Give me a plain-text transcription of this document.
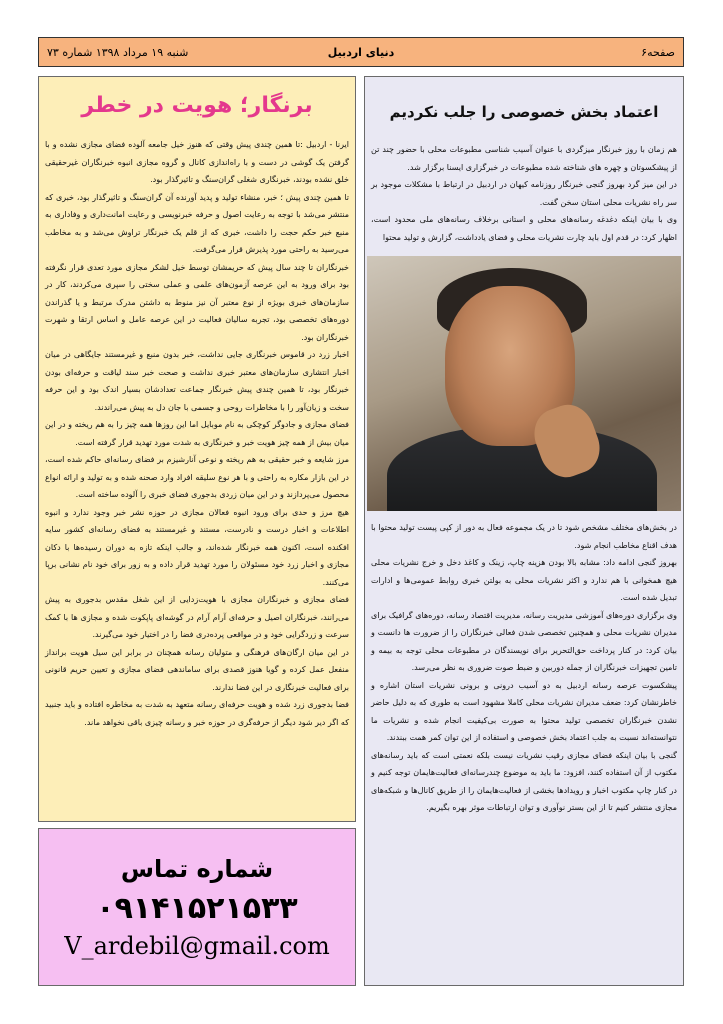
صفحه۶
دنیای اردبیل
شنبه ۱۹ مرداد ۱۳۹۸ شماره ۷۳
اعتماد بخش خصوصی را جلب نکردیم

هم زمان با روز خبرنگار میزگردی با عنوان آسیب شناسی مطبوعات محلی با حضور چند تن از پیشکسوتان و چهره های شناخته شده مطبوعات در خبرگزاری ایسنا برگزار شد.

در این میز گرد بهروز گنجی خبرنگار روزنامه کیهان در اردبیل در ارتباط با مشکلات موجود بر سر راه نشریات محلی استان سخن گفت.

وی با بیان اینکه دغدغه رسانه‌های محلی و استانی برخلاف رسانه‌های ملی محدود است، اظهار کرد: در قدم اول باید چارت نشریات محلی و فضای یادداشت، گزارش و تولید محتوا

در بخش‌های مختلف مشخص شود تا در یک مجموعه فعال به دور از کپی پیست تولید محتوا با هدف اقناع مخاطب انجام شود.

بهروز گنجی ادامه داد: مشابه بالا بودن هزینه چاپ، زینک و کاغذ دخل و خرج نشریات محلی هیچ همخوانی با هم ندارد و اکثر نشریات محلی به بولتن خبری روابط عمومی‌ها و ادارات تبدیل شده است.

وی برگزاری دوره‌های آموزشی مدیریت رسانه، مدیریت اقتصاد رسانه، دوره‌های گرافیک برای مدیران نشریات محلی و همچنین تخصصی شدن فعالی خبرنگاران را از ضرورت ها دانست و بیان کرد: در کنار پرداخت حق‌التحریر برای نویسندگان در مطبوعات محلی توجه به بیمه و تامین تجهیزات خبرنگاران از جمله دوربین و ضبط صوت ضروری به نظر می‌رسد.

پیشکسوت عرصه رسانه اردبیل به دو آسیب درونی و برونی نشریات استان اشاره و خاطرنشان کرد: ضعف مدیران نشریات محلی کاملا مشهود است به طوری که به دلیل حاضر نشدن خبرنگاران تخصصی تولید محتوا به صورت بی‌کیفیت انجام شده و نشریات ما نتوانسته‌اند نسبت به جلب اعتماد بخش خصوصی و استفاده از این توان کمر همت ببندند.

گنجی با بیان اینکه فضای مجازی رقیب نشریات نیست بلکه نعمتی است که باید رسانه‌های مکتوب از آن استفاده کنند، افزود: ما باید به موضوع چندرسانه‌ای فعالیت‌هایمان توجه کنیم و در کنار چاپ مکتوب اخبار و رویدادها بخشی از فعالیت‌هایمان را از طریق کانال‌ها و شبکه‌های مجازی منتشر کنیم تا از این بستر نوآوری و توان ارتباطات موثر بهره بگیریم.

برنگار؛ هویت در خطر

ایرنا - اردبیل :تا همین چندی پیش وقتی که هنوز خیل جامعه آلوده فضای مجازی نشده و با گرفتن یک گوشی در دست و با راه‌اندازی کانال و گروه مجازی انبوه خبرنگاران غیرحقیقی خلق نشده بودند، خبرنگاری شغلی گران‌سنگ و تاثیرگذار بود.

تا همین چندی پیش ؛ خبر، منشاء تولید و پدید آورنده آن گران‌سنگ و تاثیرگذار بود، خبری که منتشر می‌شد با توجه به رعایت اصول و حرفه خبرنویسی و رعایت امانت‌داری و وفاداری به منبع خبر حکم حجت را داشت، خبری که از قلم یک خبرنگار تراوش می‌شد و به مخاطب می‌رسید به راحتی مورد پذیرش قرار می‌گرفت.

خبرنگاران تا چند سال پیش که حریمشان توسط خیل لشکر مجازی مورد تعدی قرار نگرفته بود برای ورود به این عرصه آزمون‌های علمی و عملی سختی را سپری می‌کردند، کار در سازمان‌های خبری بویژه از نوع معتبر آن نیز منوط به داشتن مدرک مرتبط و یا گذراندن دوره‌های تخصصی بود، تجربه سالیان فعالیت در این عرصه عامل و اساس ارتقا و شهرت خبرنگاران بود.

اخبار زرد در قاموس خبرنگاری جایی نداشت، خبر بدون منبع و غیرمستند جایگاهی در میان اخبار انتشاری سازمان‌های معتبر خبری نداشت و صحت خبر سند لیاقت و حرفه‌ای بودن خبرنگار بود، تا همین چندی پیش خبرنگار جماعت تعدادشان بسیار اندک بود و این حرفه سخت و زیان‌آور را با مخاطرات روحی و جسمی با جان دل به پیش می‌راندند.

فضای مجازی و جادوگر کوچکی به نام موبایل اما این روزها همه چیز را به هم ریخته و در این میان بیش از همه چیز هویت خبر و خبرنگاری به شدت مورد تهدید قرار گرفته است.

مرز شایعه و خبر حقیقی به هم ریخته و نوعی آنارشیزم بر فضای رسانه‌ای حاکم شده است، در این بازار مکاره به راحتی و با هر نوع سلیقه افراد وارد صحنه شده و به تولید و ارائه انواع محصول می‌پردازند و در این میان زردی بدجوری فضای خبری را آلوده ساخته است.

هیچ مرز و حدی برای ورود انبوه فعالان مجازی در حوزه نشر خبر وجود ندارد و انبوه اطلاعات و اخبار درست و نادرست، مستند و غیرمستند به فضای رسانه‌ای کشور سایه افکنده است، اکنون همه خبرنگار شده‌اند، و جالب اینکه تازه به دوران رسیده‌ها با دکان مجازی و اخبار زرد خود مسئولان را مورد تهدید قرار داده و به زور برای خود نام نشانی برپا می‌کنند.

فضای مجازی و خبرنگاران مجازی با هویت‌زدایی از این شغل مقدس بدجوری به پیش می‌رانند، خبرنگاران اصیل و حرفه‌ای آرام آرام در گوشه‌ای پاپکوت شده و مجازی ها با کمک سرعت و زردگرایی خود و در مواقعی پرده‌دری فضا را در اختیار خود می‌گیرند.

در این میان ارگان‌های فرهنگی و متولیان رسانه همچنان در برابر این سیل هویت برانداز منفعل عمل کرده و گویا هنوز قصدی برای ساماندهی فضای مجازی و تعیین حریم قانونی برای فعالیت خبرنگاری در این فضا ندارند.

فضا بدجوری زرد شده و هویت حرفه‌ای رسانه متعهد به شدت به مخاطره افتاده و باید جنبید که اگر دیر شود دیگر از حرفه‌گری در حوزه خبر و رسانه چیزی باقی نخواهد ماند.

شماره تماس
۰۹۱۴۱۵۲۱۵۳۳
V_ardebil@gmail.com
